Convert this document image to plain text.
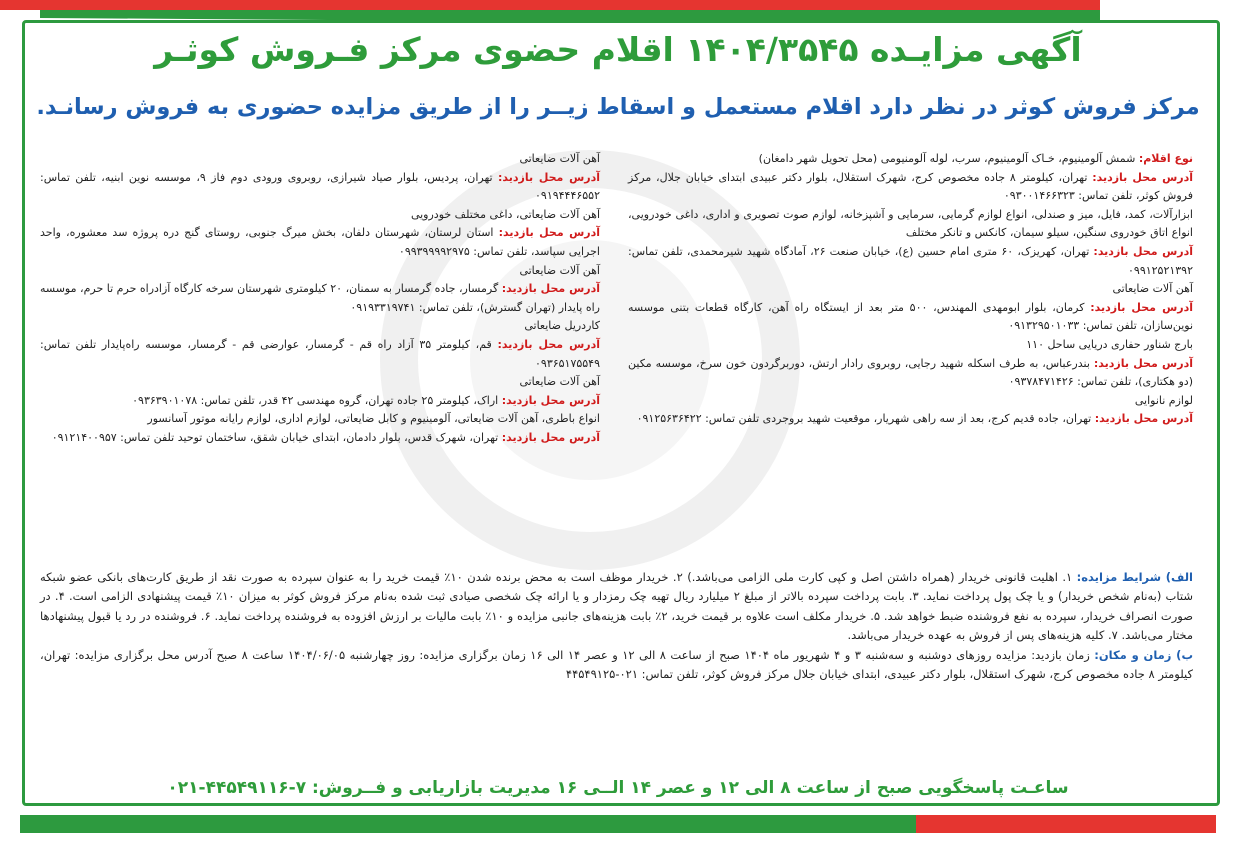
آگهی مزایـده ۱۴۰۴/۳۵۴۵ اقلام حضوی مرکز فـروش کوثـر
مرکز فروش کوثر در نظر دارد اقلام مستعمل و اسقاط زیــر را از طریق مزایده حضوری به فروش رسانـد.

نوع اقلام: شمش آلومینیوم، خـاک آلومینیوم، سرب، لوله آلومنیومی (محل تحویل شهر دامغان)

آدرس محل بازدید: تهران، کیلومتر ۸ جاده مخصوص کرج، شهرک استقلال، بلوار دکتر عبیدی ابتدای خیابان جلال، مرکز فروش کوثر، تلفن تماس: ۰۹۳۰۰۱۴۶۶۳۲۳

ابزارآلات، کمد، فایل، میز و صندلی، انواع لوازم گرمایی، سرمایی و آشپزخانه، لوازم صوت تصویری و اداری، داغی خودرویی، انواع اتاق خودروی سنگین، سیلو سیمان، کانکس و تانکر مختلف

آدرس محل بازدید: تهران، کهریزک، ۶۰ متری امام حسین (ع)، خیابان صنعت ۲۶، آمادگاه شهید شیرمحمدی، تلفن تماس: ۰۹۹۱۲۵۲۱۳۹۲

آهن آلات ضایعاتی

آدرس محل بازدید: کرمان، بلوار ابومهدی المهندس، ۵۰۰ متر بعد از ایستگاه راه آهن، کارگاه قطعات بتنی موسسه نوین‌سازان، تلفن تماس: ۰۹۱۳۲۹۵۰۱۰۳۳

بارج شناور حفاری دریایی ساحل ۱۱۰

آدرس محل بازدید: بندرعباس، به طرف اسکله شهید رجایی، روبروی رادار ارتش، دوربرگردون خون سرخ، موسسه مکین (دو هکتاری)، تلفن تماس: ۰۹۳۷۸۴۷۱۴۲۶

لوازم نانوایی

آدرس محل بازدید: تهران، جاده قدیم کرج، بعد از سه راهی شهریار، موقعیت شهید بروجردی تلفن تماس: ۰۹۱۲۵۶۳۶۴۲۲

آهن آلات ضایعاتی

آدرس محل بازدید: تهران، پردیس، بلوار صیاد شیرازی، روبروی ورودی دوم فاز ۹، موسسه نوین ابنیه، تلفن تماس: ۰۹۱۹۴۴۴۶۵۵۲

آهن آلات ضایعاتی، داغی مختلف خودرویی

آدرس محل بازدید: استان لرستان، شهرستان دلفان، بخش میرگ جنوبی، روستای گنج دره پروژه سد معشوره، واحد اجرایی سپاسد، تلفن تماس: ۰۹۹۳۹۹۹۹۲۹۷۵

آهن آلات ضایعاتی

آدرس محل بازدید: گرمسار، جاده گرمسار به سمنان، ۲۰ کیلومتری شهرستان سرخه کارگاه آزادراه حرم تا حرم، موسسه راه پایدار (تهران گسترش)، تلفن تماس: ۰۹۱۹۳۳۱۹۷۴۱

کاردریل ضایعاتی

آدرس محل بازدید: قم، کیلومتر ۳۵ آزاد راه قم - گرمسار، عوارضی قم - گرمسار، موسسه راه‌پایدار تلفن تماس: ۰۹۳۶۵۱۷۵۵۴۹

آهن آلات ضایعاتی

آدرس محل بازدید: اراک، کیلومتر ۲۵ جاده تهران، گروه مهندسی ۴۲ قدر، تلفن تماس: ۰۹۳۶۳۹۰۱۰۷۸

انواع باطری، آهن آلات ضایعاتی، آلومینیوم و کابل ضایعاتی، لوازم اداری، لوازم رایانه موتور آسانسور

آدرس محل بازدید: تهران، شهرک قدس، بلوار دادمان، ابتدای خیابان شقق، ساختمان توحید تلفن تماس: ۰۹۱۲۱۴۰۰۹۵۷

الف) شرایط مزایده: ۱. اهلیت قانونی خریدار (همراه داشتن اصل و کپی کارت ملی الزامی می‌باشد.) ۲. خریدار موظف است به محض برنده شدن ۱۰٪ قیمت خرید را به عنوان سپرده به صورت نقد از طریق کارت‌های بانکی عضو شبکه شتاب (به‌نام شخص خریدار) و یا چک پول پرداخت نماید. ۳. بابت پرداخت سپرده بالاتر از مبلغ ۲ میلیارد ریال تهیه چک رمزدار و یا ارائه چک شخصی صیادی ثبت شده به‌نام مرکز فروش کوثر به میزان ۱۰٪ قیمت پیشنهادی الزامی است. ۴. در صورت انصراف خریدار، سپرده به نفع فروشنده ضبط خواهد شد. ۵. خریدار مکلف است علاوه بر قیمت خرید، ۲٪ بابت هزینه‌های جانبی مزایده و ۱۰٪ بابت مالیات بر ارزش افزوده به فروشنده پرداخت نماید. ۶. فروشنده در رد یا قبول پیشنهادها مختار می‌باشد. ۷. کلیه هزینه‌های پس از فروش به عهده خریدار می‌باشد.

ب) زمان و مکان: زمان بازدید: مزایده روزهای دوشنبه و سه‌شنبه ۳ و ۴ شهریور ماه ۱۴۰۴ صبح از ساعت ۸ الی ۱۲ و عصر ۱۴ الی ۱۶ زمان برگزاری مزایده: روز چهارشنبه ۱۴۰۴/۰۶/۰۵ ساعت ۸ صبح آدرس محل برگزاری مزایده: تهران، کیلومتر ۸ جاده مخصوص کرج، شهرک استقلال، بلوار دکتر عبیدی، ابتدای خیابان جلال مرکز فروش کوثر، تلفن تماس: ۰۲۱-۴۴۵۴۹۱۲۵

ساعـت پاسخگویی صبح از ساعت ۸ الی ۱۲ و عصر ۱۴ الــی ۱۶ مدیریت بازاریابی و فــروش: ۷-۴۴۵۴۹۱۱۶-۰۲۱
